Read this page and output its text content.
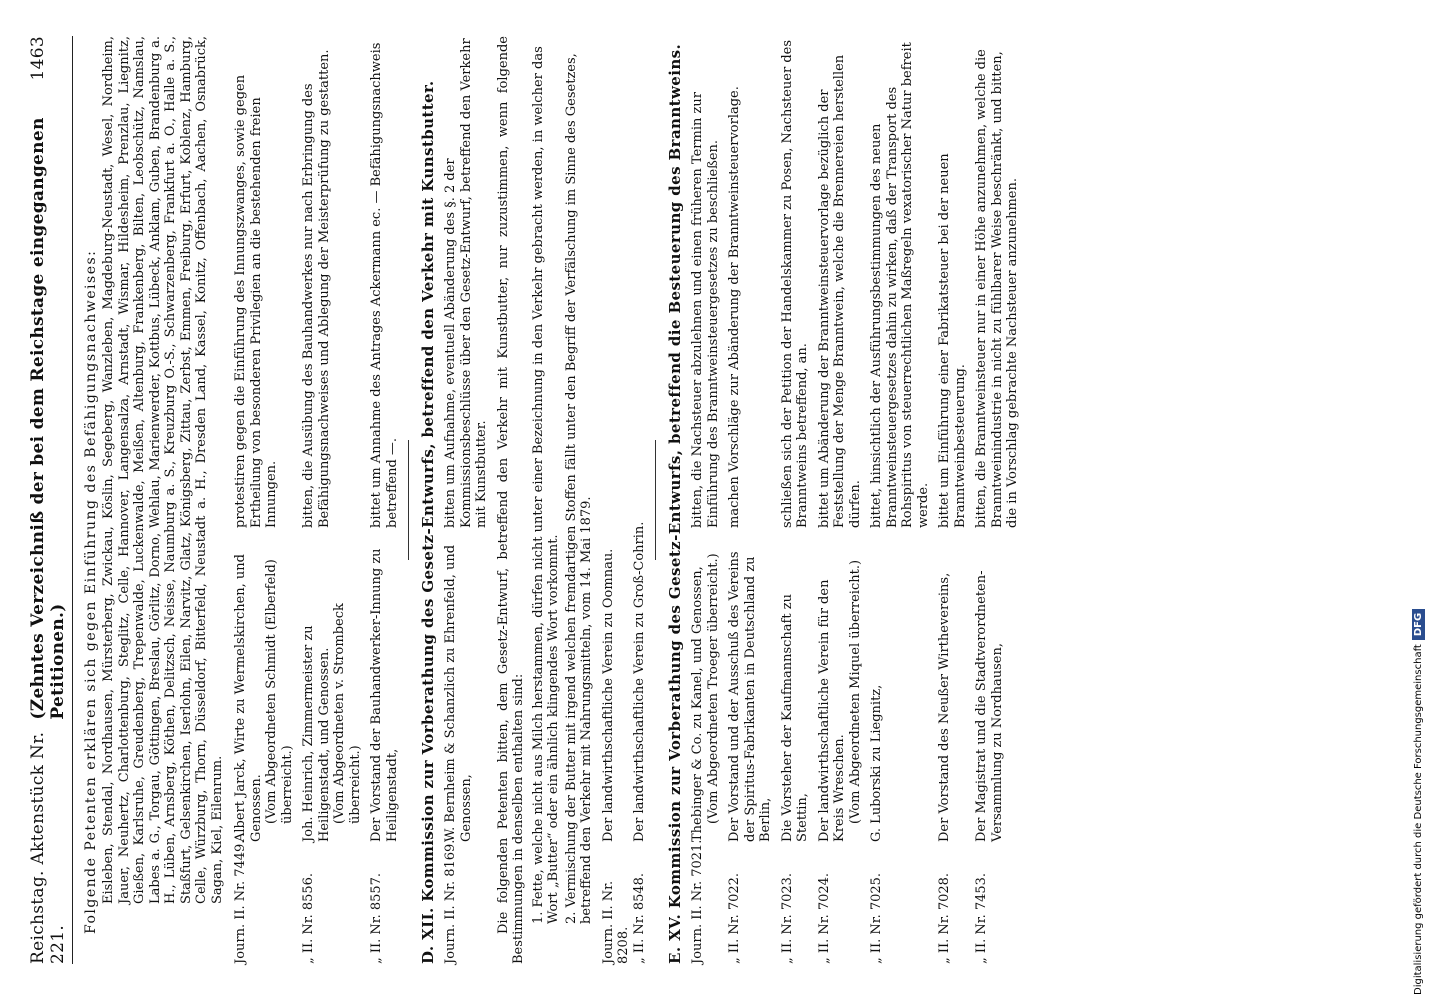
Reichstag. Aktenstück Nr. 221.
(Zehntes Verzeichniß der bei dem Reichstage eingegangenen Petitionen.)
1463
Folgende Petenten erklären sich gegen Einführung des Befähigungsnachweises: Eisleben, Stendal, Nordhausen, Mürsterberg, Zwickau, Köslin, Segeberg, Wanzleben, Magdeburg-Neustadt, Wesel, Nordheim, Jauer, Neuhertz, Charlottenburg, Steglitz, Celle, Hannover, Langensalza, Arnstadt, Wismar, Hildesheim, Prenzlau, Liegnitz, Gießen, Karlsruhe, Greudenberg, Trepenwalde, Luckenwalde, Meißen, Altenburg, Frankenberg, Bilten, Leobschütz, Namslau, Labes a. G., Torgau, Göttingen, Breslau, Görlitz, Dorno, Wehlau, Marienwerder, Kottbus, Lübeck, Anklam, Guben, Brandenburg a. H., Lüben, Arnsberg, Köthen, Delitzsch, Neisse, Naumburg a. S., Kreuzburg O.-S., Schwarzenberg, Frankfurt a. O., Halle a. S., Staßfurt, Gelsenkirchen, Iserlohn, Eilen, Narvitz, Glatz, Königsberg, Zittau, Zerbst, Emmen, Freiburg, Erfurt, Koblenz, Hamburg, Celle, Würzburg, Thorn, Düsseldorf, Bitterfeld, Neustadt a. H., Dresden Land, Kassel, Konitz, Offenbach, Aachen, Osnabrück, Sagan, Kiel, Eilenrum. Journ. II. Nr. 7449.
Albert Jarck, Wirte zu Wermelskirchen, und Genossen. (Vom Abgeordneten Schmidt (Elberfeld) überreicht.)
protestiren gegen die Einführung des Innungszwanges, sowie gegen Ertheilung von besonderen Privilegien an die bestehenden freien Innungen.
„ II. Nr. 8556.
Joh. Heinrich, Zimmermeister zu Heiligenstadt, und Genossen. (Vom Abgeordneten v. Strombeck überreicht.)
bitten, die Ausübung des Bauhandwerkes nur nach Erbringung des Befähigungsnachweises und Ablegung der Meisterprüfung zu gestatten.
„ II. Nr. 8557.
Der Vorstand der Bauhandwerker-Innung zu Heiligenstadt,
bittet um Annahme des Antrages Ackermann ec. — Befähigungsnachweis betreffend —. D. XII. Kommission zur Vorberathung des Gesetz-Entwurfs, betreffend den Verkehr mit Kunstbutter. Journ. II. Nr. 8169.
W. Bernheim & Schanzlich zu Ehrenfeld, und Genossen,
bitten um Aufnahme, eventuell Abänderung des §. 2 der Kommissionsbeschlüsse über den Gesetz-Entwurf, betreffend den Verkehr mit Kunstbutter. Die folgenden Petenten bitten, dem Gesetz-Entwurf, betreffend den Verkehr mit Kunstbutter, nur zuzustimmen, wenn folgende Bestimmungen in denselben enthalten sind: 1. Fette, welche nicht aus Milch herstammen, dürfen nicht unter einer Bezeichnung in den Verkehr gebracht werden, in welcher das Wort „Butter“ oder ein ähnlich klingendes Wort vorkommt. 2. Vermischung der Butter mit irgend welchen fremdartigen Stoffen fällt unter den Begriff der Verfälschung im Sinne des Gesetzes, betreffend den Verkehr mit Nahrungsmitteln, vom 14. Mai 1879. Journ. II. Nr. 8208.
Der landwirthschaftliche Verein zu Oomnau.
„ II. Nr. 8548.
Der landwirthschaftliche Verein zu Groß-Cohrin. E. XV. Kommission zur Vorberathung des Gesetz-Entwurfs, betreffend die Besteuerung des Branntweins. Journ. II. Nr. 7021.
Thebinger & Co. zu Kanel, und Genossen, (Vom Abgeordneten Troeger überreicht.)
bitten, die Nachsteuer abzulehnen und einen früheren Termin zur Einführung des Branntweinsteuergesetzes zu beschließen.
„ II. Nr. 7022.
Der Vorstand und der Ausschuß des Vereins der Spiritus-Fabrikanten in Deutschland zu Berlin,
machen Vorschläge zur Abänderung der Branntweinsteuervorlage.
„ II. Nr. 7023.
Die Vorsteher der Kaufmannschaft zu Stettin,
schließen sich der Petition der Handelskammer zu Posen, Nachsteuer des Branntweins betreffend, an.
„ II. Nr. 7024.
Der landwirthschaftliche Verein für den Kreis Wreschen. (Vom Abgeordneten Miquel überreicht.)
bittet um Abänderung der Branntweinsteuervorlage bezüglich der Feststellung der Menge Branntwein, welche die Brennereien herstellen dürfen.
„ II. Nr. 7025.
G. Luborski zu Liegnitz,
bittet, hinsichtlich der Ausführungsbestimmungen des neuen Branntweinsteuergesetzes dahin zu wirken, daß der Transport des Rohspiritus von steuerrechtlichen Maßregeln vexatorischer Natur befreit werde.
„ II. Nr. 7028.
Der Vorstand des Neußer Wirthevereins,
bittet um Einführung einer Fabrikatsteuer bei der neuen Branntweinbesteuerung.
„ II. Nr. 7453.
Der Magistrat und die Stadtverordneten-Versammlung zu Nordhausen,
bitten, die Branntweinsteuer nur in einer Höhe anzunehmen, welche die Branntweinindustrie in nicht zu fühlbarer Weise beschränkt, und bitten, die in Vorschlag gebrachte Nachsteuer anzunehmen.
Digitalisierung gefördert durch die Deutsche ForschungsgemeinschaftDFG
